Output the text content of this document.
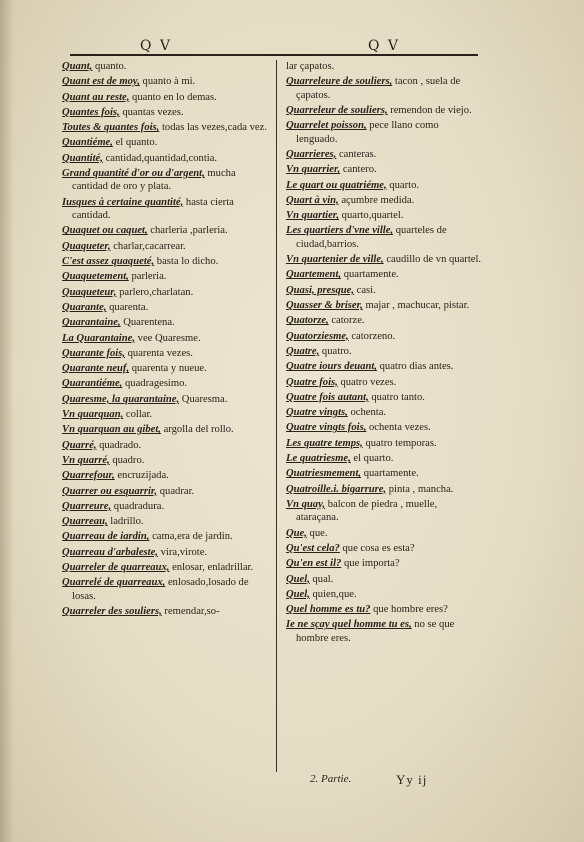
Q V	Q V

Quant, quanto.

Quant est de moy, quanto à mi.

Quant au reste, quanto en lo demas.

Quantes fois, quantas vezes.

Toutes & quantes fois, todas las vezes,cada vez.

Quantiéme, el quanto.

Quantité, cantidad,quantidad,contia.

Grand quantité d'or ou d'argent, mucha cantidad de oro y plata.

Iusques à certaine quantité, hasta cierta cantidad.

Quaquet ou caquet, charleria ,parleria.

Quaqueter, charlar,cacarrear.

C'est assez quaqueté, basta lo dicho.

Quaquetement, parleria.

Quaqueteur, parlero,charlatan.

Quarante, quarenta.

Quarantaine, Quarentena.

La Quarantaine, vee Quaresme.

Quarante fois, quarenta vezes.

Quarante neuf, quarenta y nueue.

Quarantiéme, quadragesimo.

Quaresme, la quarantaine, Quaresma.

Vn quarquan, collar.

Vn quarquan au gibet, argolla del rollo.

Quarré, quadrado.

Vn quarré, quadro.

Quarrefour, encruzijada.

Quarrer ou esquarrir, quadrar.

Quarreure, quadradura.

Quarreau, ladrillo.

Quarreau de iardin, cama,era de jardin.

Quarreau d'arbaleste, vira,virote.

Quarreler de quarreaux, enlosar, enladrillar.

Quarrelé de quarreaux, enlosado,losado de losas.

Quarreler des souliers, remendar,so-

lar çapatos.

Quarreleure de souliers, tacon , suela de çapatos.

Quarreleur de souliers, remendon de viejo.

Quarrelet poisson, pece llano como lenguado.

Quarrieres, canteras.

Vn quarrier, cantero.

Le quart ou quatriéme, quarto.

Quart à vin, açumbre medida.

Vn quartier, quarto,quartel.

Les quartiers d'vne ville, quarteles de ciudad,barrios.

Vn quartenier de ville, caudillo de vn quartel.

Quartement, quartamente.

Quasi, presque, casi.

Quasser & briser, majar , machucar, pistar.

Quatorze, catorze.

Quatorziesme, catorzeno.

Quatre, quatro.

Quatre iours deuant, quatro dias antes.

Quatre fois, quatro vezes.

Quatre fois autant, quatro tanto.

Quatre vingts, ochenta.

Quatre vingts fois, ochenta vezes.

Les quatre temps, quatro temporas.

Le quatriesme, el quarto.

Quatriesmement, quartamente.

Quatroille.i. bigarrure, pinta , mancha.

Vn quay, balcon de piedra , muelle, ataraçana.

Que, que.

Qu'est cela? que cosa es esta?

Qu'en est il? que importa?

Quel, qual.

Quel, quien,que.

Quel homme es tu? que hombre eres?

Ie ne sçay quel homme tu es, no se que hombre eres.

2. Partie.	Yy ij
